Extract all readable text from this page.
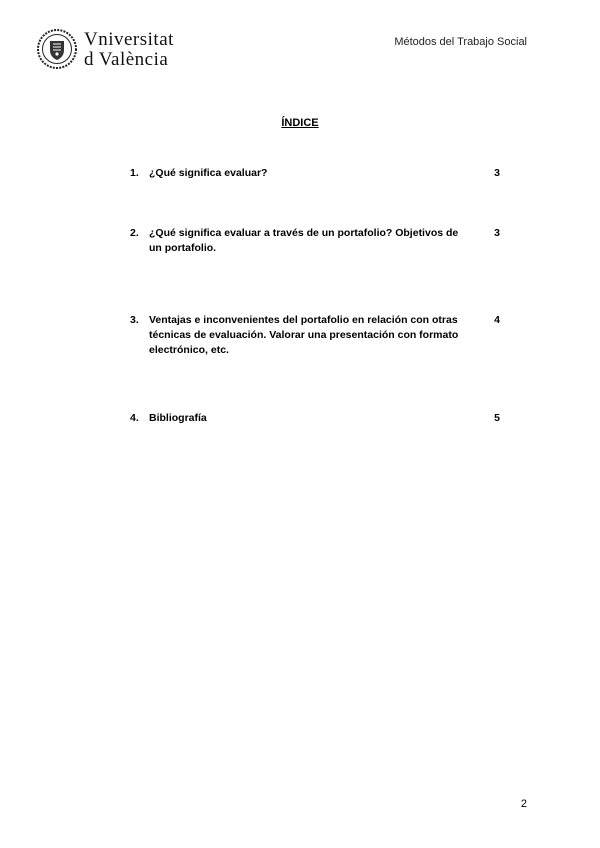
Vniversitat
d València
Métodos del Trabajo Social
ÍNDICE
1. ¿Qué significa evaluar?	3
2. ¿Qué significa evaluar a través de un portafolio? Objetivos de un portafolio.
3
3. Ventajas e inconvenientes del portafolio en relación con otras técnicas de evaluación. Valorar una presentación con formato electrónico, etc.
4
4. Bibliografía	5
2
